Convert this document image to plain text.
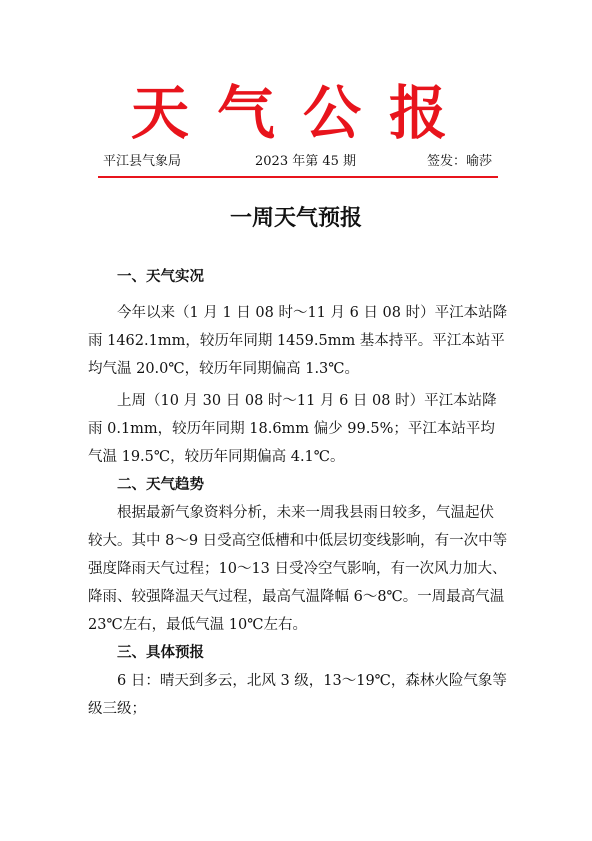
天气公报
平江县气象局	2023 年第 45 期	签发：喻莎
一周天气预报
一、天气实况

今年以来（1 月 1 日 08 时～11 月 6 日 08 时）平江本站降雨 1462.1mm，较历年同期 1459.5mm 基本持平。平江本站平均气温 20.0℃，较历年同期偏高 1.3℃。

上周（10 月 30 日 08 时～11 月 6 日 08 时）平江本站降雨 0.1mm，较历年同期 18.6mm 偏少 99.5%；平江本站平均气温 19.5℃，较历年同期偏高 4.1℃。

二、天气趋势

根据最新气象资料分析，未来一周我县雨日较多，气温起伏较大。其中 8～9 日受高空低槽和中低层切变线影响，有一次中等强度降雨天气过程；10～13 日受冷空气影响，有一次风力加大、降雨、较强降温天气过程，最高气温降幅 6～8℃。一周最高气温 23℃左右，最低气温 10℃左右。

三、具体预报

6 日：晴天到多云，北风 3 级，13～19℃，森林火险气象等级三级；
